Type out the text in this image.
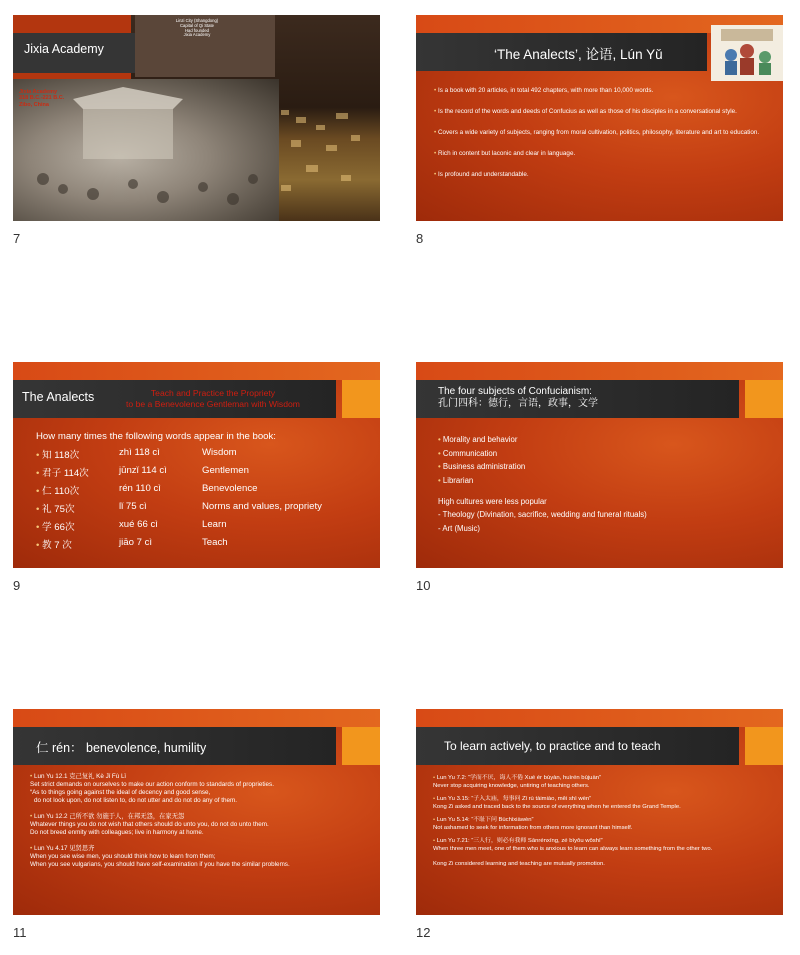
Linzi City (Shangdong)
Capital of Qi State
Had founded
Jixia Academy
Jixia Academy
318 B.C.-221 B.C.
Zibo, China
Jixia Academy
7
‘The Analects’, 论语, Lún Yǔ
• Is a book with 20 articles, in total 492 chapters, with more than 10,000 words.
• Is the record of the words and deeds of Confucius as well as those of his disciples in a conversational style.
• Covers a wide variety of subjects, ranging from moral cultivation, politics, philosophy, literature and art to education.
• Rich in content but laconic and clear in language.
• Is profound and understandable.
8
The Analects	Teach and Practice the Propriety
to be a Benevolence Gentleman with Wisdom
How many times the following words appear in the book:
• 知 118次	zhì 118 cì	Wisdom
• 君子 114次	jūnzǐ 114 cì	Gentlemen
• 仁 110次	rén 110 cì	Benevolence
• 礼 75次	lǐ 75 cì	Norms and values, propriety
• 学 66次	xué 66 cì	Learn
• 教 7 次	jiāo 7 cì	Teach
9
The four subjects of Confucianism:
孔门四科：德行，言语，政事，文学
• Morality and behavior
• Communication
• Business administration
• Librarian

High cultures were less popular

- Theology (Divination, sacrifice, wedding and funeral rituals)

- Art (Music)

10
仁 rén： benevolence, humility

• Lun Yu 12.1 克己复礼 Kè Jǐ Fù Lǐ

Set strict demands on ourselves to make our action conform to standards of proprieties.

“As to things going against the ideal of decency and good sense,

do not look upon, do not listen to, do not utter and do not do any of them.

• Lun Yu 12.2 己所不欲 勿施于人，在邦无怨，在家无怨

Whatever things you do not wish that others should do unto you, do not do unto them.

Do not breed enmity with colleagues; live in harmony at home.

• Lun Yu 4.17 见贤思齐

When you see wise men, you should think how to learn from them;

When you see vulgarians, you should have self-examination if you have the similar problems.

11
To learn actively, to practice and to teach

• Lun Yu 7.2: “学而不厌，诲人不倦 Xué ér bùyàn, huìrén bùjuàn”

Never stop acquiring knowledge, untiring of teaching others.

• Lun Yu 3.15: “子入太庙，每事问 Zǐ rù tàimiào, měi shì wèn”

Kong Zi asked and traced back to the source of everything when he entered the Grand Temple.

• Lun Yu 5.14: “不耻下问 Bùchǐxiàwèn”

Not ashamed to seek for information from others more ignorant than himself.

• Lun Yu 7.21: “三人行，则必有我师 Sānrénxíng, zé bìyǒu wǒshī”

When three men meet, one of them who is anxious to learn can always learn something from the other two.

Kong Zi considered learning and teaching are mutually promotion.

12
